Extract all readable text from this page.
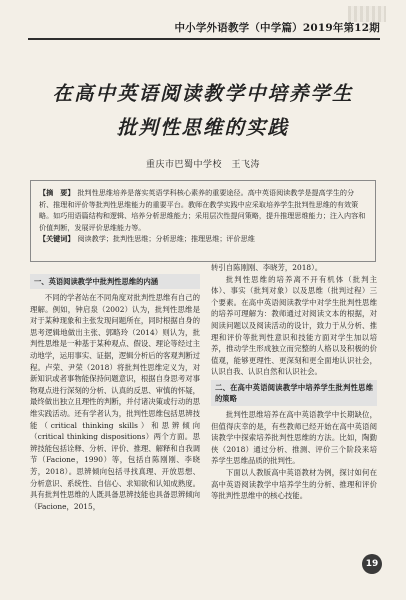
中小学外语教学（中学篇）2019年第12期
在高中英语阅读教学中培养学生
批判性思维的实践
重庆市巴蜀中学校　王飞涛
【摘　要】 批判性思维培养是落实英语学科核心素养的重要途径。高中英语阅读教学是提高学生的分析、推理和评价等批判性思维能力的重要平台。教师在教学实践中应采取培养学生批判性思维的有效策略。如巧用语篇结构和逻辑、培养分析思维能力；采用层次性提问策略，提升推理思维能力；注入内容和价值判断，发展评价思维能力等。
【关键词】 阅读教学；批判性思维；分析思维；推理思维；评价思维
一、英语阅读教学中批判性思维的内涵

不同的学者站在不同角度对批判性思维有自己的理解。例如，钟启泉（2002）认为，批判性思维是对于某种现象和主张发现问题所在，同时根据自身的思考逻辑地做出主张、郭略玲（2014）则认为，批判性思维是一种基于某种观点、假设、理论等经过主动地学，运用事实、证据，逻辑分析后的客观判断过程。卢荣、尹荣（2018）将批判性思维定义为，对新知识或者事物能保持问题意识，根据自身思考对事物观点进行深刻的分析、认真的反思、审慎的怀疑，最终做出独立且理性的判断，并付诸决策或行动的思维实践活动。还有学者认为，批判性思维包括思辨技能（critical thinking skills）和思辨倾向（critical thinking dispositions）两个方面。思辨技能包括诠释、分析、评价、推理、解释和自我调节（Facione，1990）等，包括自陈刚刚、李晓芳，2018）。思辨倾向包括寻找真理、开放思想、分析意识、系统性、自信心、求知欲和认知成熟度。具有批判性思维的人既具备思辨技能也具备思辨倾向（Facione，2015，

转引自陈刚刚、李晓芳，2018）。

批判性思维的培养离不开有机体（批判主体）、事实（批判对象）以及思维（批判过程）三个要素。在高中英语阅读教学中对学生批判性思维的培养可理解为：教师通过对阅读文本的根据，对阅读问题以及阅读活动的设计，致力于从分析、推理和评价等批判性意识和技能方面对学生加以培养，推动学生形成独立而完整的人格以及积极的价值观，能够更理性、更深刻和更全面地认识社会，认识自我、认识自然和认识社会。

二、在高中英语阅读教学中培养学生批判性思维的策略

批判性思维培养在高中英语教学中长期缺位，但值得庆幸的是，有些教师已经开始在高中英语阅读教学中探索培养批判性思维的方法。比如，陶勤侠（2018）通过分析、推测、评价三个阶段来培养学生思维品质的批判性。

下面以人教版高中英语教材为例，探讨如何在高中英语阅读教学中培养学生的分析、推理和评价等批判性思维中的核心技能。

19
